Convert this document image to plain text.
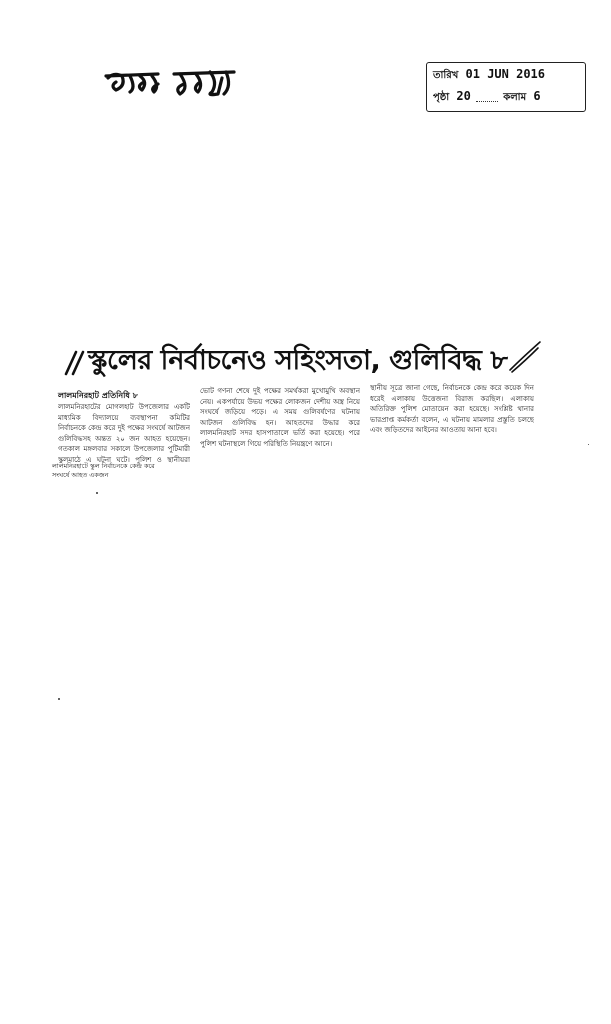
তারিখ 01 JUN 2016
পৃষ্ঠা 20	কলাম 6
স্কুলের নির্বাচনেও সহিংসতা, গুলিবিদ্ধ ৮
লালমনিরহাট প্রতিনিধি ৮

লালমনিরহাটের মোগলহাট উপজেলার একটি মাধ্যমিক বিদ্যালয়ে ব্যবস্থাপনা কমিটির নির্বাচনকে কেন্দ্র করে দুই পক্ষের সংঘর্ষে আটজন গুলিবিদ্ধসহ অন্তত ২০ জন আহত হয়েছেন। গতকাল মঙ্গলবার সকালে উপজেলার পুটিমারী স্কুলমাঠে এ ঘটনা ঘটে। পুলিশ ও স্থানীয়রা

ভোট গণনা শেষে দুই পক্ষের সমর্থকরা মুখোমুখি অবস্থান নেয়। একপর্যায়ে উভয় পক্ষের লোকজন দেশীয় অস্ত্র নিয়ে সংঘর্ষে জড়িয়ে পড়ে। এ সময় গুলিবর্ষণের ঘটনায় আটজন গুলিবিদ্ধ হন। আহতদের উদ্ধার করে লালমনিরহাট সদর হাসপাতালে ভর্তি করা হয়েছে। পরে পুলিশ ঘটনাস্থলে গিয়ে পরিস্থিতি নিয়ন্ত্রণে আনে।

স্থানীয় সূত্রে জানা গেছে, নির্বাচনকে কেন্দ্র করে কয়েক দিন ধরেই এলাকায় উত্তেজনা বিরাজ করছিল। এলাকায় অতিরিক্ত পুলিশ মোতায়েন করা হয়েছে। সংশ্লিষ্ট থানার ভারপ্রাপ্ত কর্মকর্তা বলেন, এ ঘটনায় মামলার প্রস্তুতি চলছে এবং জড়িতদের আইনের আওতায় আনা হবে।

লালমনিরহাটে স্কুল নির্বাচনকে কেন্দ্র করে সংঘর্ষে আহত একজন
